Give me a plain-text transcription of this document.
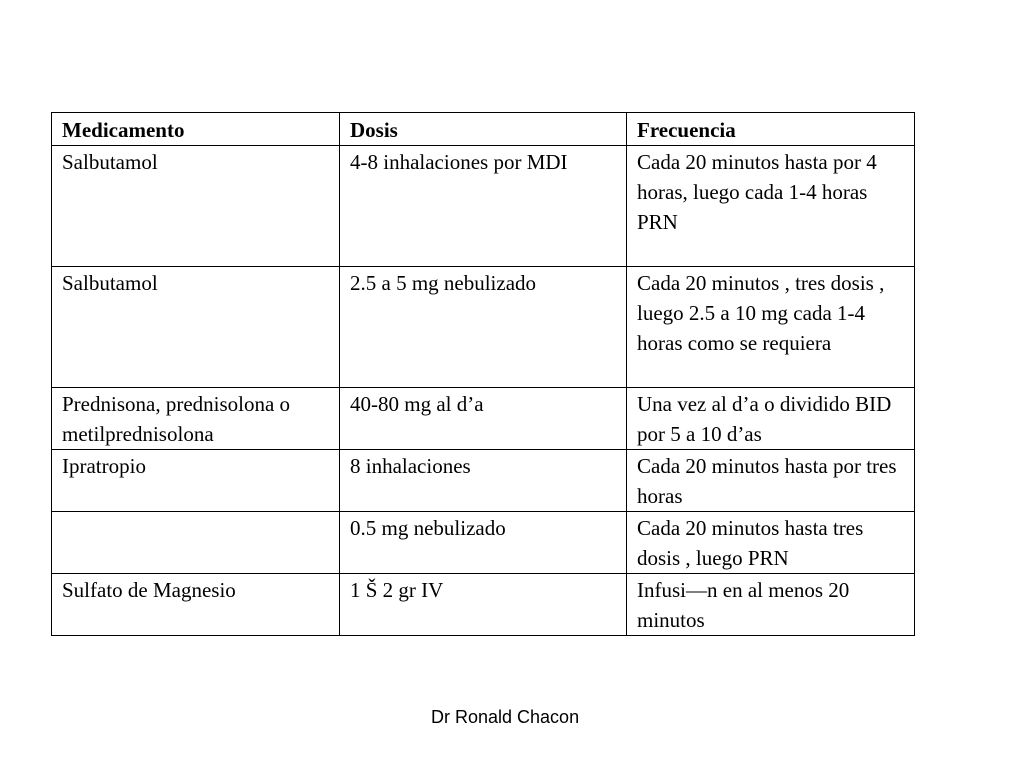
Medicamento	Dosis	Frecuencia
Salbutamol	4-8 inhalaciones por MDI	Cada 20 minutos hasta por 4 horas, luego cada 1-4 horas PRN
Salbutamol	2.5 a 5 mg nebulizado	Cada 20 minutos , tres dosis , luego 2.5 a 10 mg cada 1-4 horas como se requiera
Prednisona, prednisolona o metilprednisolona	40-80 mg al d’a	Una vez al d’a o dividido BID por 5 a 10 d’as
Ipratropio	8 inhalaciones	Cada 20 minutos hasta por tres horas
	0.5 mg nebulizado	Cada 20 minutos hasta tres dosis , luego PRN
Sulfato de Magnesio	1 Š 2 gr IV	Infusi—n en al menos 20 minutos
Dr Ronald Chacon
